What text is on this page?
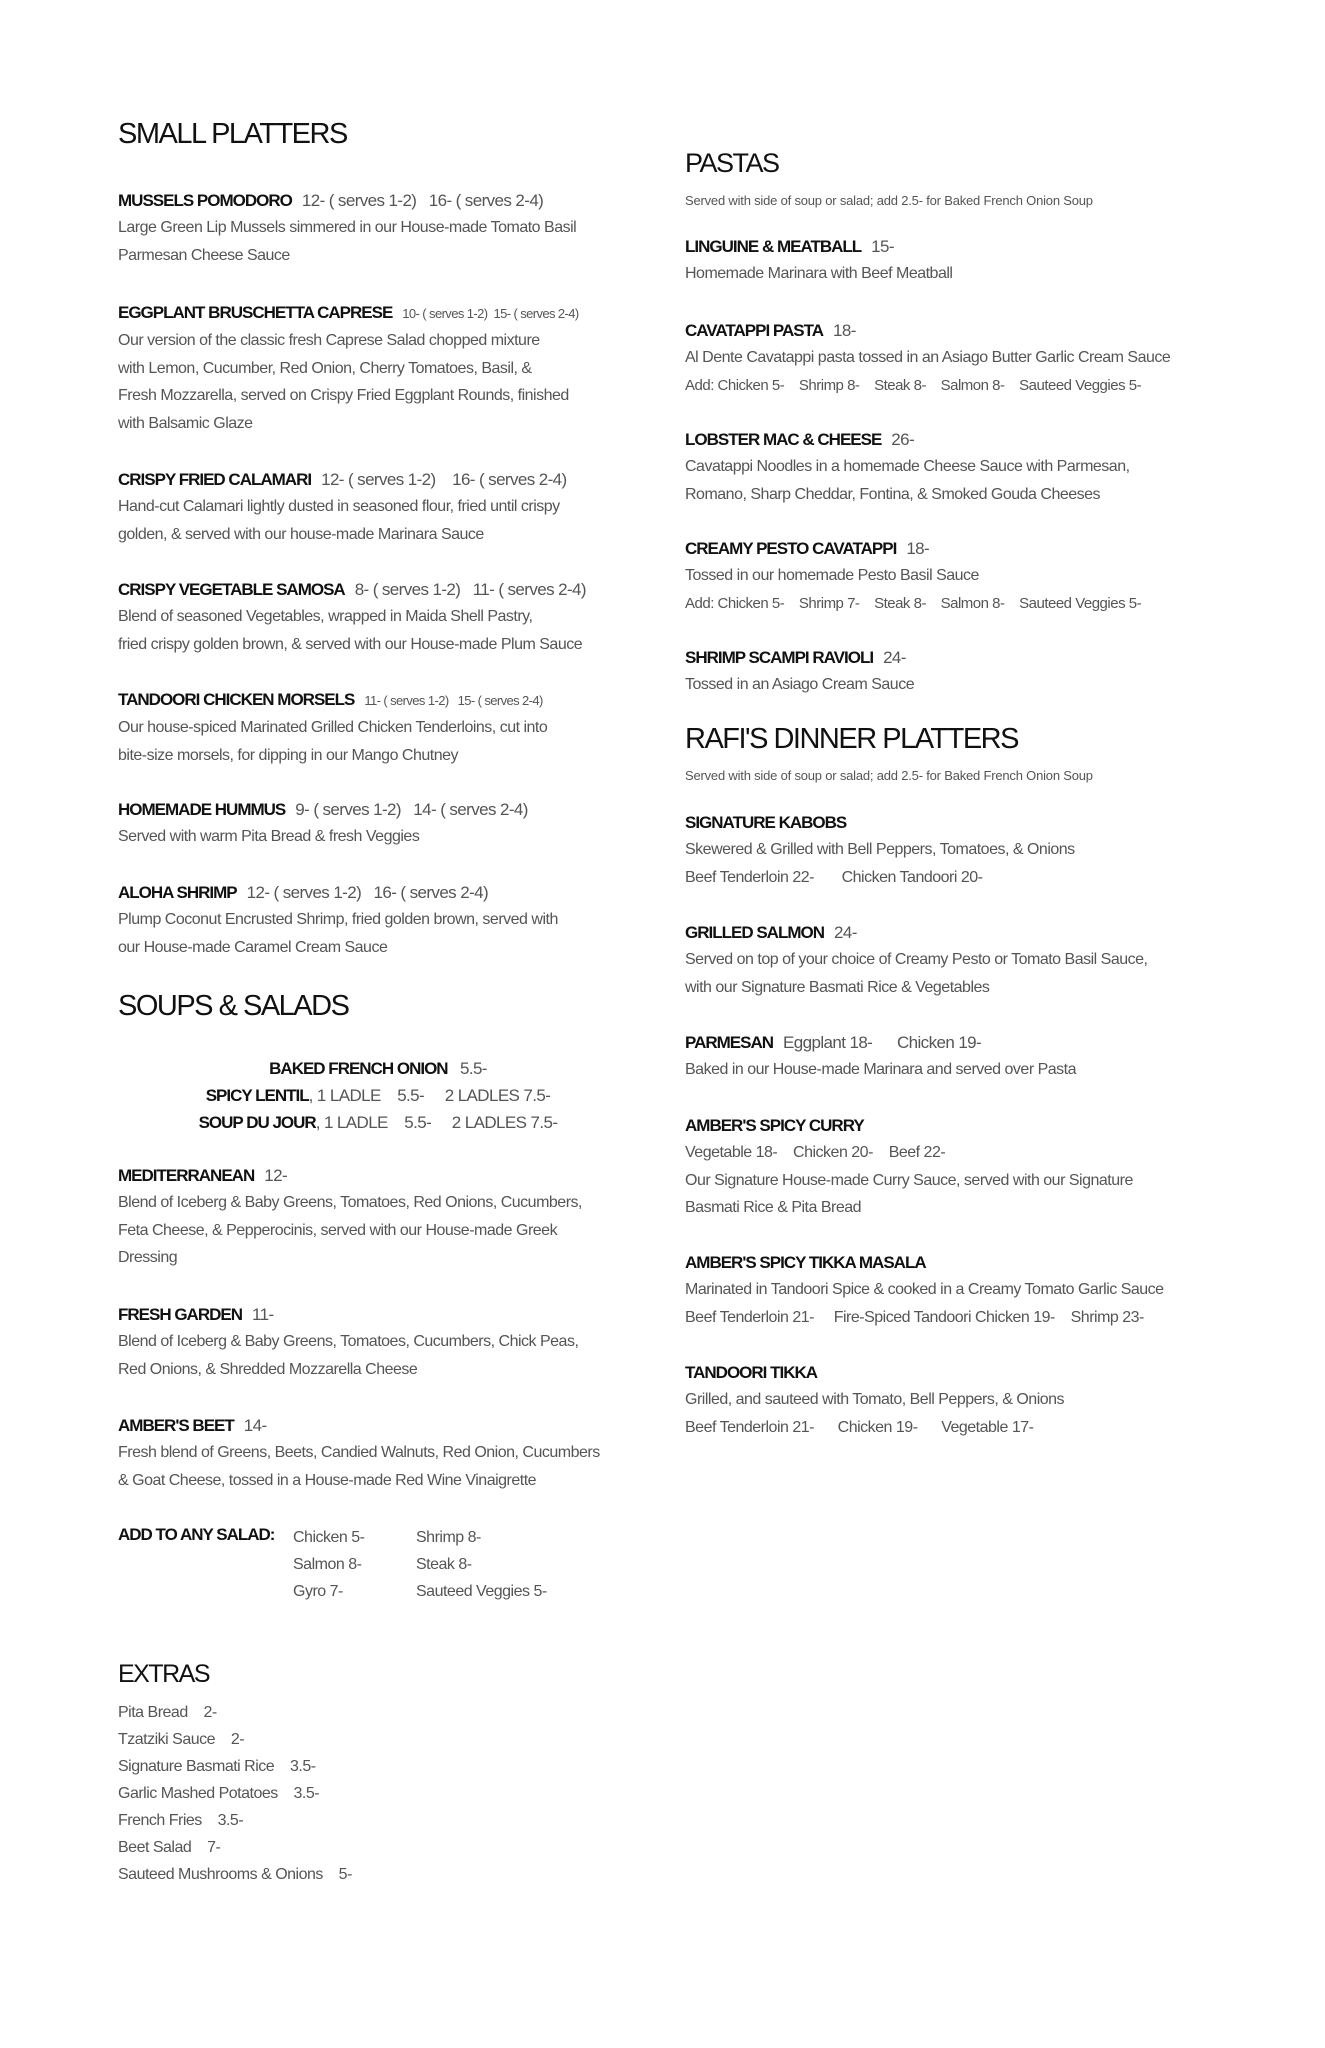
SMALL PLATTERS
MUSSELS POMODORO 12- ( serves 1-2)   16- ( serves 2-4)
Large Green Lip Mussels simmered in our House-made Tomato Basil
Parmesan Cheese Sauce
EGGPLANT BRUSCHETTA CAPRESE 10- ( serves 1-2)  15- ( serves 2-4)
Our version of the classic fresh Caprese Salad chopped mixture
with Lemon, Cucumber, Red Onion, Cherry Tomatoes, Basil, &
Fresh Mozzarella, served on Crispy Fried Eggplant Rounds, finished
with Balsamic Glaze
CRISPY FRIED CALAMARI 12- ( serves 1-2)    16- ( serves 2-4)
Hand-cut Calamari lightly dusted in seasoned flour, fried until crispy
golden, & served with our house-made Marinara Sauce
CRISPY VEGETABLE SAMOSA 8- ( serves 1-2)   11- ( serves 2-4)
Blend of seasoned Vegetables, wrapped in Maida Shell Pastry,
fried crispy golden brown, & served with our House-made Plum Sauce
TANDOORI CHICKEN MORSELS 11- ( serves 1-2)   15- ( serves 2-4)
Our house-spiced Marinated Grilled Chicken Tenderloins, cut into
bite-size morsels, for dipping in our Mango Chutney
HOMEMADE HUMMUS 9- ( serves 1-2)   14- ( serves 2-4)
Served with warm Pita Bread & fresh Veggies
ALOHA SHRIMP 12- ( serves 1-2)   16- ( serves 2-4)
Plump Coconut Encrusted Shrimp, fried golden brown, served with
our House-made Caramel Cream Sauce
SOUPS & SALADS
BAKED FRENCH ONION   5.5-
SPICY LENTIL, 1 LADLE    5.5-     2 LADLES 7.5-
SOUP DU JOUR, 1 LADLE    5.5-     2 LADLES 7.5-
MEDITERRANEAN 12-
Blend of Iceberg & Baby Greens, Tomatoes, Red Onions, Cucumbers,
Feta Cheese, & Pepperocinis, served with our House-made Greek
Dressing
FRESH GARDEN 11-
Blend of Iceberg & Baby Greens, Tomatoes, Cucumbers, Chick Peas,
Red Onions, & Shredded Mozzarella Cheese
AMBER'S BEET 14-
Fresh blend of Greens, Beets, Candied Walnuts, Red Onion, Cucumbers
& Goat Cheese, tossed in a House-made Red Wine Vinaigrette
ADD TO ANY SALAD: Chicken 5-
Salmon 8-
Gyro 7-
Shrimp 8-
Steak 8-
Sauteed Veggies 5-
EXTRAS
Pita Bread    2-
Tzatziki Sauce    2-
Signature Basmati Rice    3.5-
Garlic Mashed Potatoes    3.5-
French Fries    3.5-
Beet Salad    7-
Sauteed Mushrooms & Onions    5-
PASTAS
Served with side of soup or salad; add 2.5- for Baked French Onion Soup
LINGUINE & MEATBALL 15-
Homemade Marinara with Beef Meatball
CAVATAPPI PASTA 18-
Al Dente Cavatappi pasta tossed in an Asiago Butter Garlic Cream Sauce
Add: Chicken 5-    Shrimp 8-    Steak 8-    Salmon 8-    Sauteed Veggies 5-
LOBSTER MAC & CHEESE 26-
Cavatappi Noodles in a homemade Cheese Sauce with Parmesan,
Romano, Sharp Cheddar, Fontina, & Smoked Gouda Cheeses
CREAMY PESTO CAVATAPPI 18-
Tossed in our homemade Pesto Basil Sauce
Add: Chicken 5-    Shrimp 7-    Steak 8-    Salmon 8-    Sauteed Veggies 5-
SHRIMP SCAMPI RAVIOLI 24-
Tossed in an Asiago Cream Sauce
RAFI'S DINNER PLATTERS
Served with side of soup or salad; add 2.5- for Baked French Onion Soup
SIGNATURE KABOBS
Skewered & Grilled with Bell Peppers, Tomatoes, & Onions
Beef Tenderloin 22-       Chicken Tandoori 20-
GRILLED SALMON 24-
Served on top of your choice of Creamy Pesto or Tomato Basil Sauce,
with our Signature Basmati Rice & Vegetables
PARMESAN Eggplant 18-      Chicken 19-
Baked in our House-made Marinara and served over Pasta
AMBER'S SPICY CURRY
Vegetable 18-    Chicken 20-    Beef 22-
Our Signature House-made Curry Sauce, served with our Signature
Basmati Rice & Pita Bread
AMBER'S SPICY TIKKA MASALA
Marinated in Tandoori Spice & cooked in a Creamy Tomato Garlic Sauce
Beef Tenderloin 21-     Fire-Spiced Tandoori Chicken 19-    Shrimp 23-
TANDOORI TIKKA
Grilled, and sauteed with Tomato, Bell Peppers, & Onions
Beef Tenderloin 21-      Chicken 19-      Vegetable 17-
